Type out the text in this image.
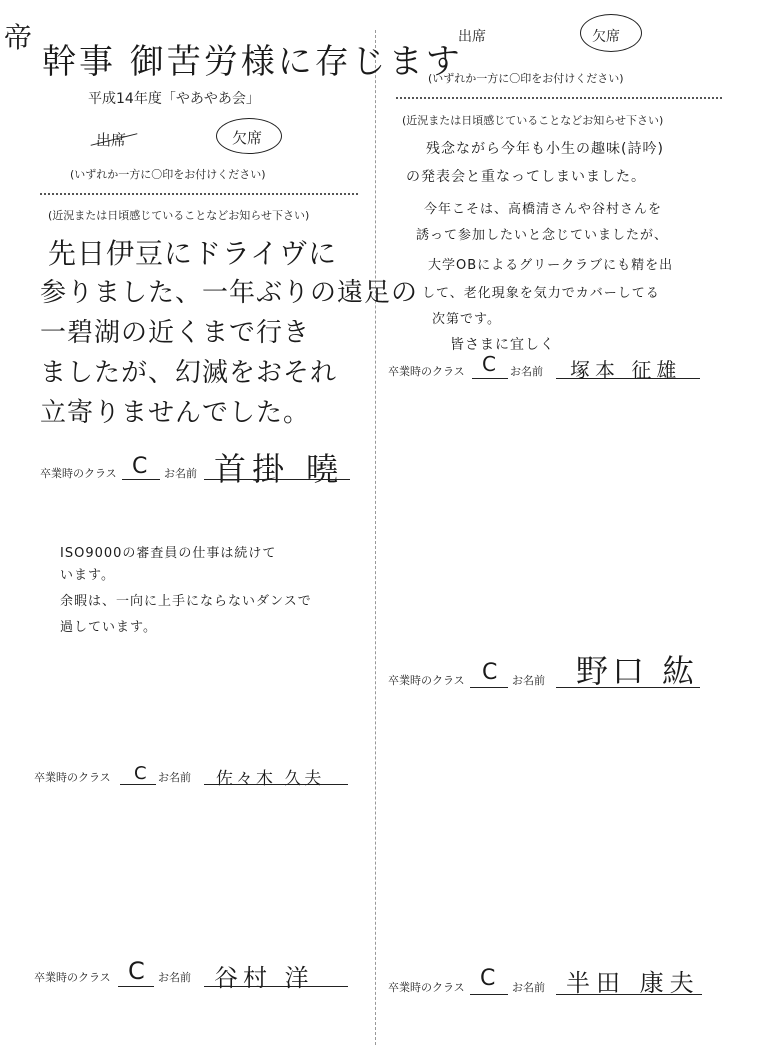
帝
幹事 御苦労様に存じます
平成14年度「やあやあ会」
出席	欠席
(いずれか一方に〇印をお付けください)
(近況または日頃感じていることなどお知らせ下さい)
先日伊豆にドライヴに
参りました、一年ぶりの遠足の
一碧湖の近くまで行き
ましたが、幻滅をおそれ
立寄りませんでした。
卒業時のクラス C お名前 首掛 曉
ISO9000の審査員の仕事は続けて
います。
余暇は、一向に上手にならないダンスで
過しています。
卒業時のクラス C お名前 佐々木 久夫
卒業時のクラス C お名前 谷村 洋
出席	欠席
(いずれか一方に〇印をお付けください)
(近況または日頃感じていることなどお知らせ下さい)
残念ながら今年も小生の趣味(詩吟)
の発表会と重なってしまいました。
今年こそは、高橋清さんや谷村さんを
誘って参加したいと念じていましたが、
大学OBによるグリークラブにも精を出
して、老化現象を気力でカバーしてる
次第です。
皆さまに宜しく
卒業時のクラス C お名前 塚本 征雄
卒業時のクラス C お名前 野口 紘
卒業時のクラス C お名前 半田 康夫
